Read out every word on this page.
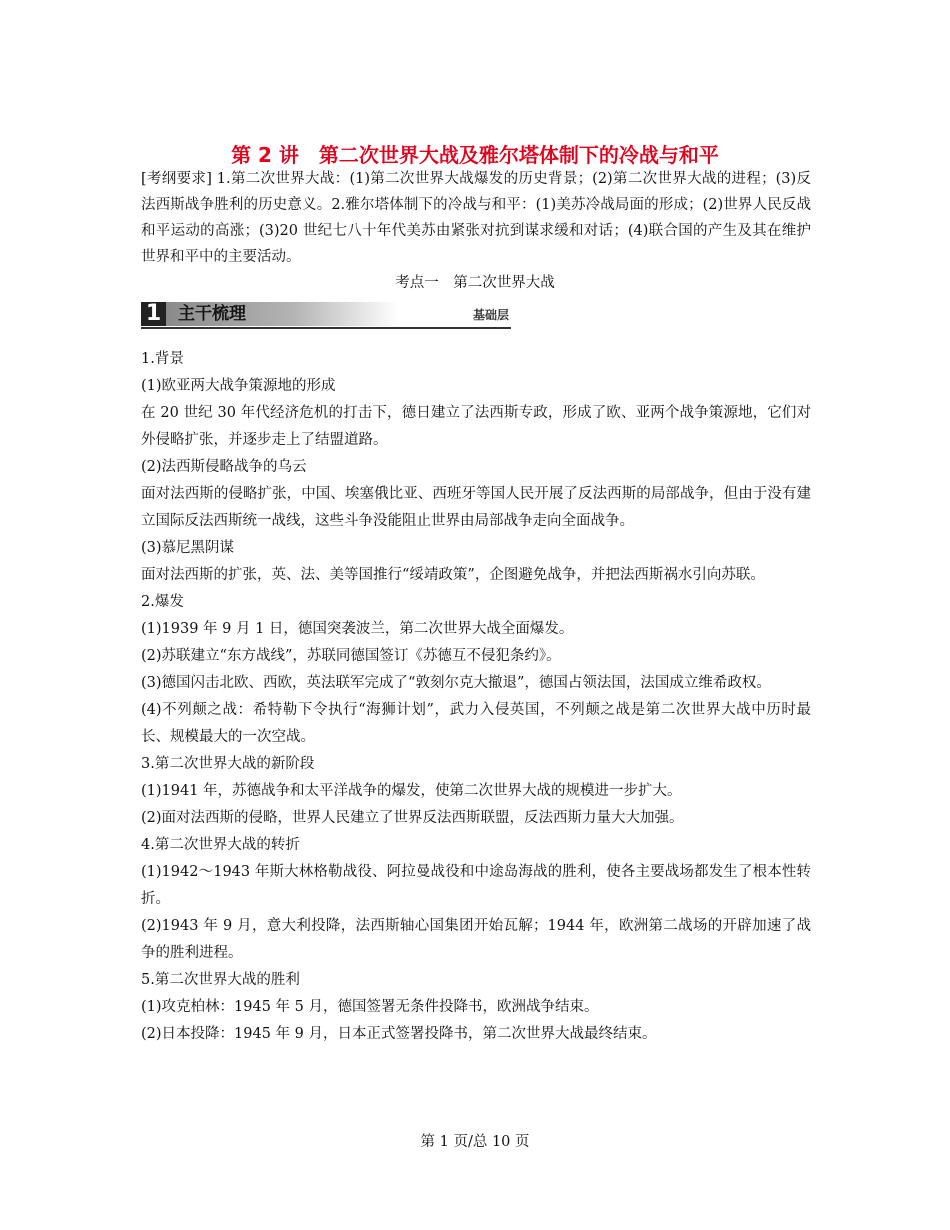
第 2 讲　第二次世界大战及雅尔塔体制下的冷战与和平
[考纲要求] 1.第二次世界大战：(1)第二次世界大战爆发的历史背景；(2)第二次世界大战的进程；(3)反法西斯战争胜利的历史意义。2.雅尔塔体制下的冷战与和平：(1)美苏冷战局面的形成；(2)世界人民反战和平运动的高涨；(3)20 世纪七八十年代美苏由紧张对抗到谋求缓和对话；(4)联合国的产生及其在维护世界和平中的主要活动。
考点一　第二次世界大战
1 主干梳理	基础层

1.背景

(1)欧亚两大战争策源地的形成

在 20 世纪 30 年代经济危机的打击下，德日建立了法西斯专政，形成了欧、亚两个战争策源地，它们对外侵略扩张，并逐步走上了结盟道路。

(2)法西斯侵略战争的乌云

面对法西斯的侵略扩张，中国、埃塞俄比亚、西班牙等国人民开展了反法西斯的局部战争，但由于没有建立国际反法西斯统一战线，这些斗争没能阻止世界由局部战争走向全面战争。

(3)慕尼黑阴谋

面对法西斯的扩张，英、法、美等国推行“绥靖政策”，企图避免战争，并把法西斯祸水引向苏联。

2.爆发

(1)1939 年 9 月 1 日，德国突袭波兰，第二次世界大战全面爆发。

(2)苏联建立“东方战线”，苏联同德国签订《苏德互不侵犯条约》。

(3)德国闪击北欧、西欧，英法联军完成了“敦刻尔克大撤退”，德国占领法国，法国成立维希政权。

(4)不列颠之战：希特勒下令执行“海狮计划”，武力入侵英国，不列颠之战是第二次世界大战中历时最长、规模最大的一次空战。

3.第二次世界大战的新阶段

(1)1941 年，苏德战争和太平洋战争的爆发，使第二次世界大战的规模进一步扩大。

(2)面对法西斯的侵略，世界人民建立了世界反法西斯联盟，反法西斯力量大大加强。

4.第二次世界大战的转折

(1)1942～1943 年斯大林格勒战役、阿拉曼战役和中途岛海战的胜利，使各主要战场都发生了根本性转折。

(2)1943 年 9 月，意大利投降，法西斯轴心国集团开始瓦解；1944 年，欧洲第二战场的开辟加速了战争的胜利进程。

5.第二次世界大战的胜利

(1)攻克柏林：1945 年 5 月，德国签署无条件投降书，欧洲战争结束。

(2)日本投降：1945 年 9 月，日本正式签署投降书，第二次世界大战最终结束。

第 1 页/总 10 页
